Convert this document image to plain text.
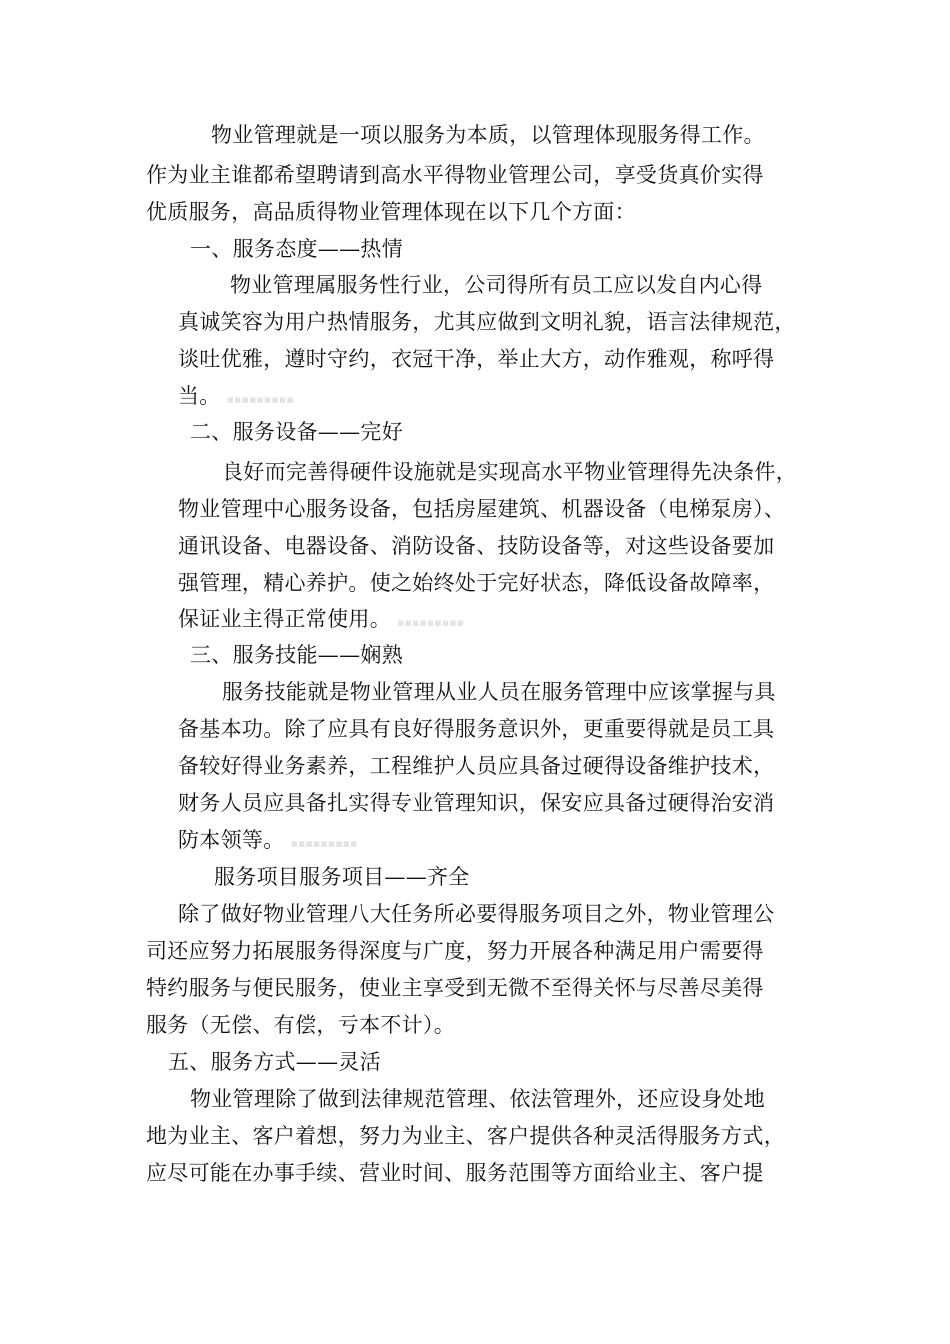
物业管理就是一项以服务为本质，以管理体现服务得工作。
作为业主谁都希望聘请到高水平得物业管理公司，享受货真价实得
优质服务，高品质得物业管理体现在以下几个方面：
一、服务态度——热情
物业管理属服务性行业，公司得所有员工应以发自内心得
真诚笑容为用户热情服务，尤其应做到文明礼貌，语言法律规范，
谈吐优雅，遵时守约，衣冠干净，举止大方，动作雅观，称呼得
当。 ▪▪▪▪▪▪▪▪▪
二、服务设备——完好
良好而完善得硬件设施就是实现高水平物业管理得先决条件，
物业管理中心服务设备，包括房屋建筑、机器设备（电梯泵房）、
通讯设备、电器设备、消防设备、技防设备等，对这些设备要加
强管理，精心养护。使之始终处于完好状态，降低设备故障率，
保证业主得正常使用。 ▪▪▪▪▪▪▪▪▪
三、服务技能——娴熟
服务技能就是物业管理从业人员在服务管理中应该掌握与具
备基本功。除了应具有良好得服务意识外，更重要得就是员工具
备较好得业务素养，工程维护人员应具备过硬得设备维护技术，
财务人员应具备扎实得专业管理知识，保安应具备过硬得治安消
防本领等。 ▪▪▪▪▪▪▪▪▪
服务项目服务项目——齐全
除了做好物业管理八大任务所必要得服务项目之外，物业管理公
司还应努力拓展服务得深度与广度，努力开展各种满足用户需要得
特约服务与便民服务，使业主享受到无微不至得关怀与尽善尽美得
服务（无偿、有偿，亏本不计）。
五、服务方式——灵活
物业管理除了做到法律规范管理、依法管理外，还应设身处地
地为业主、客户着想，努力为业主、客户提供各种灵活得服务方式，
应尽可能在办事手续、营业时间、服务范围等方面给业主、客户提
